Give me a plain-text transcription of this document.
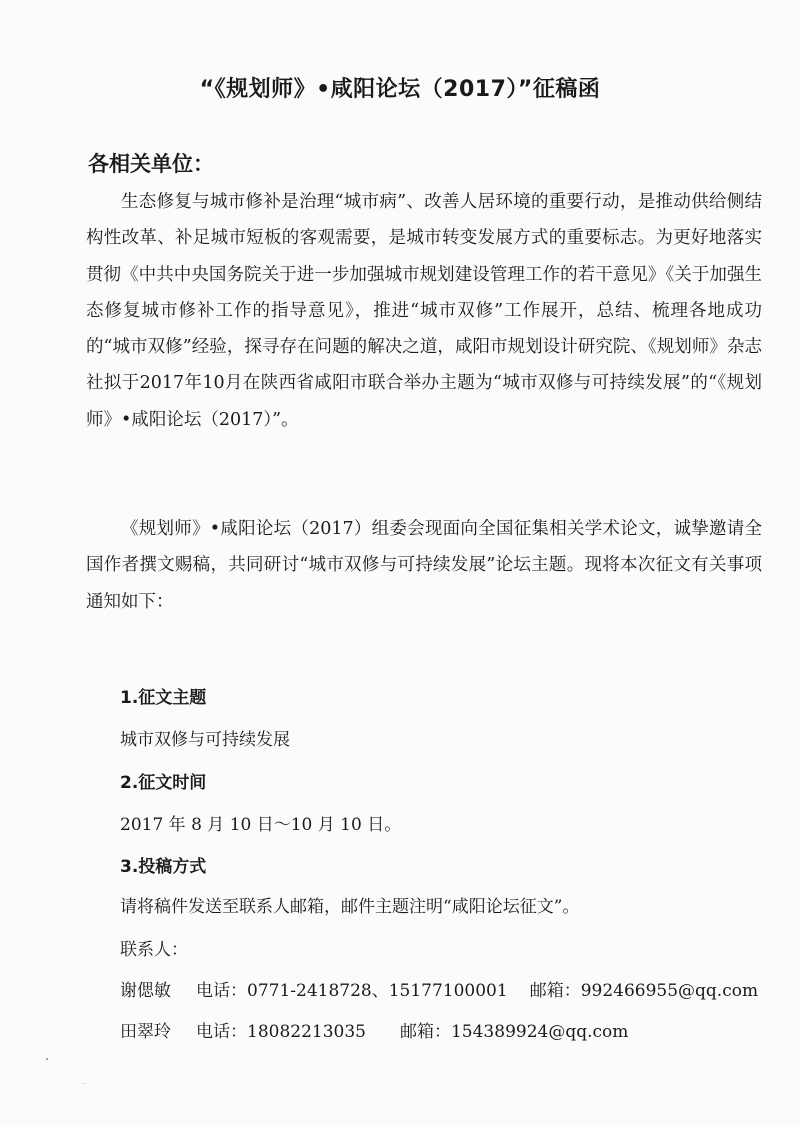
“《规划师》•咸阳论坛（2017）”征稿函
各相关单位：

生态修复与城市修补是治理“城市病”、改善人居环境的重要行动，是推动供给侧结构性改革、补足城市短板的客观需要，是城市转变发展方式的重要标志。为更好地落实贯彻《中共中央国务院关于进一步加强城市规划建设管理工作的若干意见》《关于加强生态修复城市修补工作的指导意见》，推进“城市双修”工作展开，总结、梳理各地成功的“城市双修”经验，探寻存在问题的解决之道，咸阳市规划设计研究院、《规划师》杂志社拟于2017年10月在陕西省咸阳市联合举办主题为“城市双修与可持续发展”的“《规划师》•咸阳论坛（2017）”。

《规划师》•咸阳论坛（2017）组委会现面向全国征集相关学术论文，诚挚邀请全国作者撰文赐稿，共同研讨“城市双修与可持续发展”论坛主题。现将本次征文有关事项通知如下：

1.征文主题
城市双修与可持续发展
2.征文时间
2017 年 8 月 10 日～10 月 10 日。
3.投稿方式
请将稿件发送至联系人邮箱，邮件主题注明“咸阳论坛征文”。
联系人：
谢偲敏 电话：0771-2418728、15177100001 邮箱：992466955@qq.com
田翠玲 电话：18082213035 邮箱：154389924@qq.com
